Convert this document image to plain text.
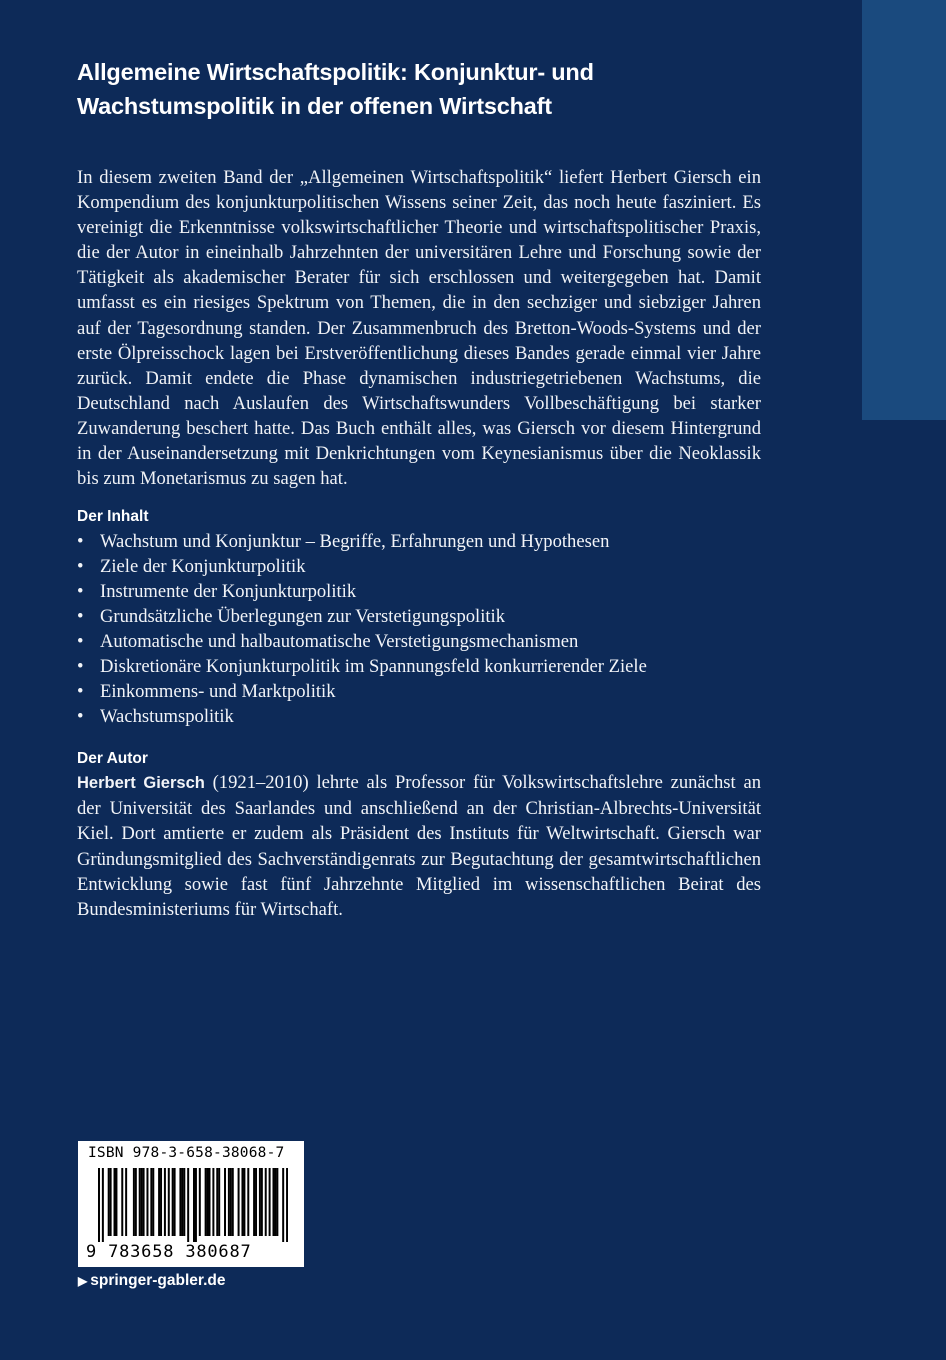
Allgemeine Wirtschaftspolitik: Konjunktur- und Wachstumspolitik in der offenen Wirtschaft

In diesem zweiten Band der „Allgemeinen Wirtschaftspolitik“ liefert Herbert Giersch ein Kompendium des konjunkturpolitischen Wissens seiner Zeit, das noch heute fasziniert. Es vereinigt die Erkenntnisse volkswirtschaftlicher Theorie und wirtschaftspolitischer Praxis, die der Autor in eineinhalb Jahrzehnten der universitären Lehre und Forschung sowie der Tätigkeit als akademischer Berater für sich erschlossen und weitergegeben hat. Damit umfasst es ein riesiges Spektrum von Themen, die in den sechziger und siebziger Jahren auf der Tagesordnung standen. Der Zusammenbruch des Bretton-Woods-Systems und der erste Ölpreisschock lagen bei Erstveröffentlichung dieses Bandes gerade einmal vier Jahre zurück. Damit endete die Phase dynamischen industriegetriebenen Wachstums, die Deutschland nach Auslaufen des Wirtschaftswunders Vollbeschäftigung bei starker Zuwanderung beschert hatte. Das Buch enthält alles, was Giersch vor diesem Hintergrund in der Auseinandersetzung mit Denkrichtungen vom Keynesianismus über die Neoklassik bis zum Monetarismus zu sagen hat.

Der Inhalt

• Wachstum und Konjunktur – Begriffe, Erfahrungen und Hypothesen
• Ziele der Konjunkturpolitik
• Instrumente der Konjunkturpolitik
• Grundsätzliche Überlegungen zur Verstetigungspolitik
• Automatische und halbautomatische Verstetigungsmechanismen
• Diskretionäre Konjunkturpolitik im Spannungsfeld konkurrierender Ziele
• Einkommens- und Marktpolitik
• Wachstumspolitik

Der Autor

Herbert Giersch (1921–2010) lehrte als Professor für Volkswirtschaftslehre zunächst an der Universität des Saarlandes und anschließend an der Christian-Albrechts-Universität Kiel. Dort amtierte er zudem als Präsident des Instituts für Weltwirtschaft. Giersch war Gründungsmitglied des Sachverständigenrats zur Begutachtung der gesamtwirtschaftlichen Entwicklung sowie fast fünf Jahrzehnte Mitglied im wissenschaftlichen Beirat des Bundesministeriums für Wirtschaft.

ISBN 978-3-658-38068-7
9 783658 380687
▶ springer-gabler.de
